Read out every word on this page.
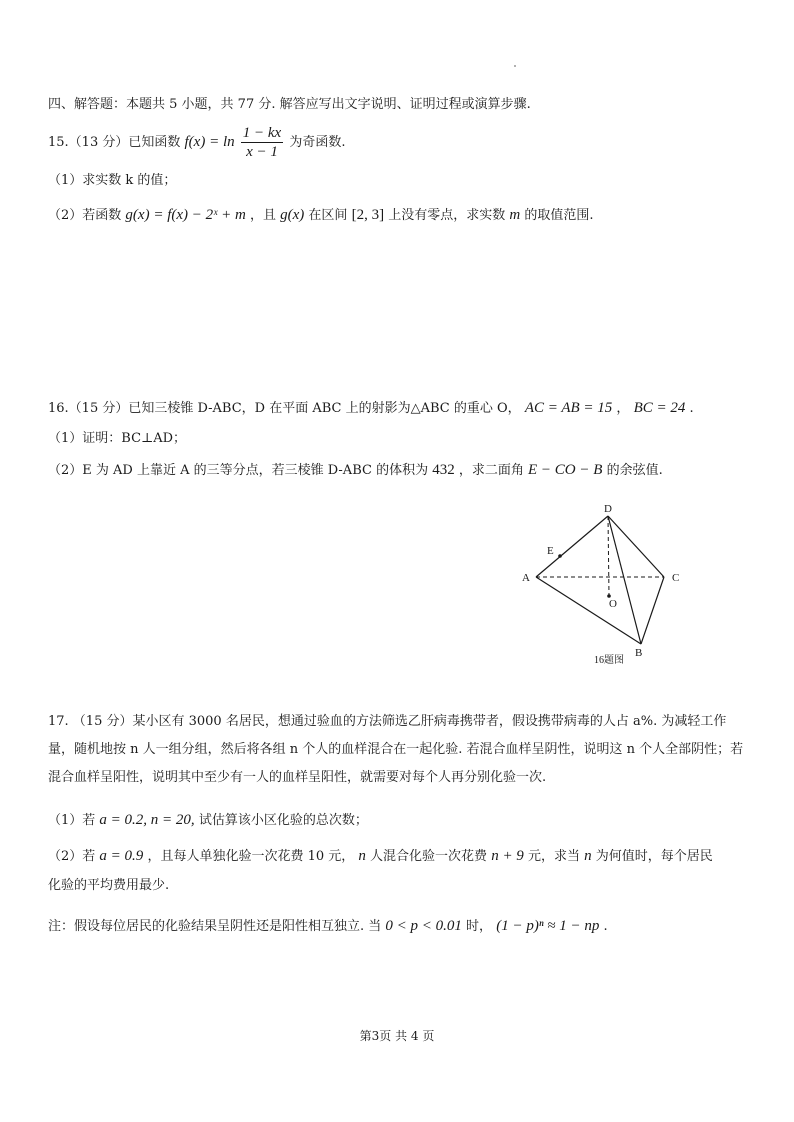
四、解答题：本题共 5 小题，共 77 分. 解答应写出文字说明、证明过程或演算步骤.
15.（13 分）已知函数 $f(x) = \ln \frac{1 - kx}{x - 1}$ 为奇函数.
（1）求实数 k 的值；
（2）若函数 g(x) = f(x) − 2ˣ + m ，且 g(x) 在区间 [2, 3] 上没有零点，求实数 m 的取值范围.
16.（15 分）已知三棱锥 D-ABC，D 在平面 ABC 上的射影为△ABC 的重心 O， AC = AB = 15 ， BC = 24 .
（1）证明：BC⊥AD；
（2）E 为 AD 上靠近 A 的三等分点，若三棱锥 D-ABC 的体积为 432 ，求二面角 E − CO − B 的余弦值.
D
E
A	C
O
B
16题图
17. （15 分）某小区有 3000 名居民，想通过验血的方法筛选乙肝病毒携带者，假设携带病毒的人占 a%. 为减轻工作量，随机地按 n 人一组分组，然后将各组 n 个人的血样混合在一起化验. 若混合血样呈阴性，说明这 n 个人全部阴性；若混合血样呈阳性，说明其中至少有一人的血样呈阳性，就需要对每个人再分别化验一次.
（1）若 a = 0.2, n = 20, 试估算该小区化验的总次数；
（2）若 a = 0.9 ，且每人单独化验一次花费 10 元， n 人混合化验一次花费 n + 9 元，求当 n 为何值时，每个居民
化验的平均费用最少.
注：假设每位居民的化验结果呈阴性还是阳性相互独立. 当 0 < p < 0.01 时， (1 − p)ⁿ ≈ 1 − np .
第3页 共 4 页
